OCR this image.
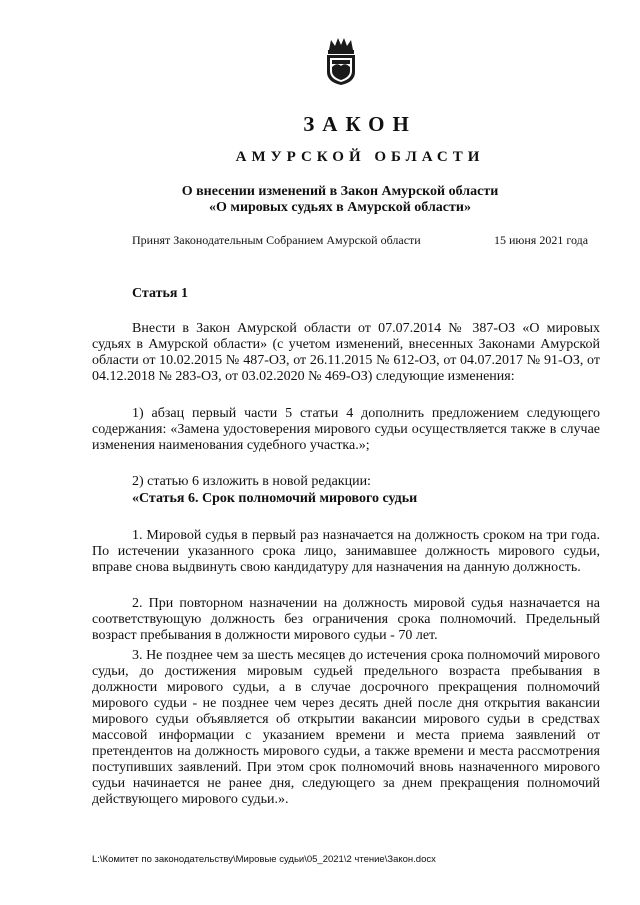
ЗАКОН
АМУРСКОЙ ОБЛАСТИ
О внесении изменений в Закон Амурской области
«О мировых судьях в Амурской области»
Принят Законодательным Собранием Амурской области	15 июня 2021 года
Статья 1

Внести в Закон Амурской области от 07.07.2014 № 387-ОЗ «О мировых судьях в Амурской области» (с учетом изменений, внесенных Законами Амурской области от 10.02.2015 № 487-ОЗ, от 26.11.2015 № 612-ОЗ, от 04.07.2017 № 91-ОЗ, от 04.12.2018 № 283-ОЗ, от 03.02.2020 № 469-ОЗ) следующие изменения:

1) абзац первый части 5 статьи 4 дополнить предложением следующего содержания: «Замена удостоверения мирового судьи осуществляется также в случае изменения наименования судебного участка.»;

2) статью 6 изложить в новой редакции:

«Статья 6. Срок полномочий мирового судьи

1. Мировой судья в первый раз назначается на должность сроком на три года. По истечении указанного срока лицо, занимавшее должность мирового судьи, вправе снова выдвинуть свою кандидатуру для назначения на данную должность.

2. При повторном назначении на должность мировой судья назначается на соответствующую должность без ограничения срока полномочий. Предельный возраст пребывания в должности мирового судьи - 70 лет.

3. Не позднее чем за шесть месяцев до истечения срока полномочий мирового судьи, до достижения мировым судьей предельного возраста пребывания в должности мирового судьи, а в случае досрочного прекращения полномочий мирового судьи - не позднее чем через десять дней после дня открытия вакансии мирового судьи объявляется об открытии вакансии мирового судьи в средствах массовой информации с указанием времени и места приема заявлений от претендентов на должность мирового судьи, а также времени и места рассмотрения поступивших заявлений. При этом срок полномочий вновь назначенного мирового судьи начинается не ранее дня, следующего за днем прекращения полномочий действующего мирового судьи.».

L:\Комитет по законодательству\Мировые судьи\05_2021\2 чтение\Закон.docx
